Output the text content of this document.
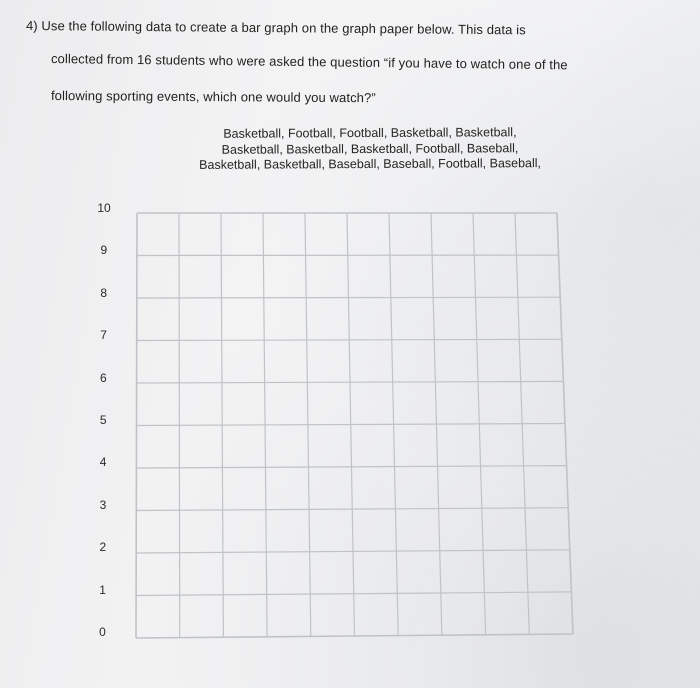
4) Use the following data to create a bar graph on the graph paper below. This data is
collected from 16 students who were asked the question “if you have to watch one of the
following sporting events, which one would you watch?”
Basketball, Football, Football, Basketball, Basketball,
Basketball, Basketball, Basketball, Football, Baseball,
Basketball, Basketball, Baseball, Baseball, Football, Baseball,
10
9
8
7
6
5
4
3
2
1
0
